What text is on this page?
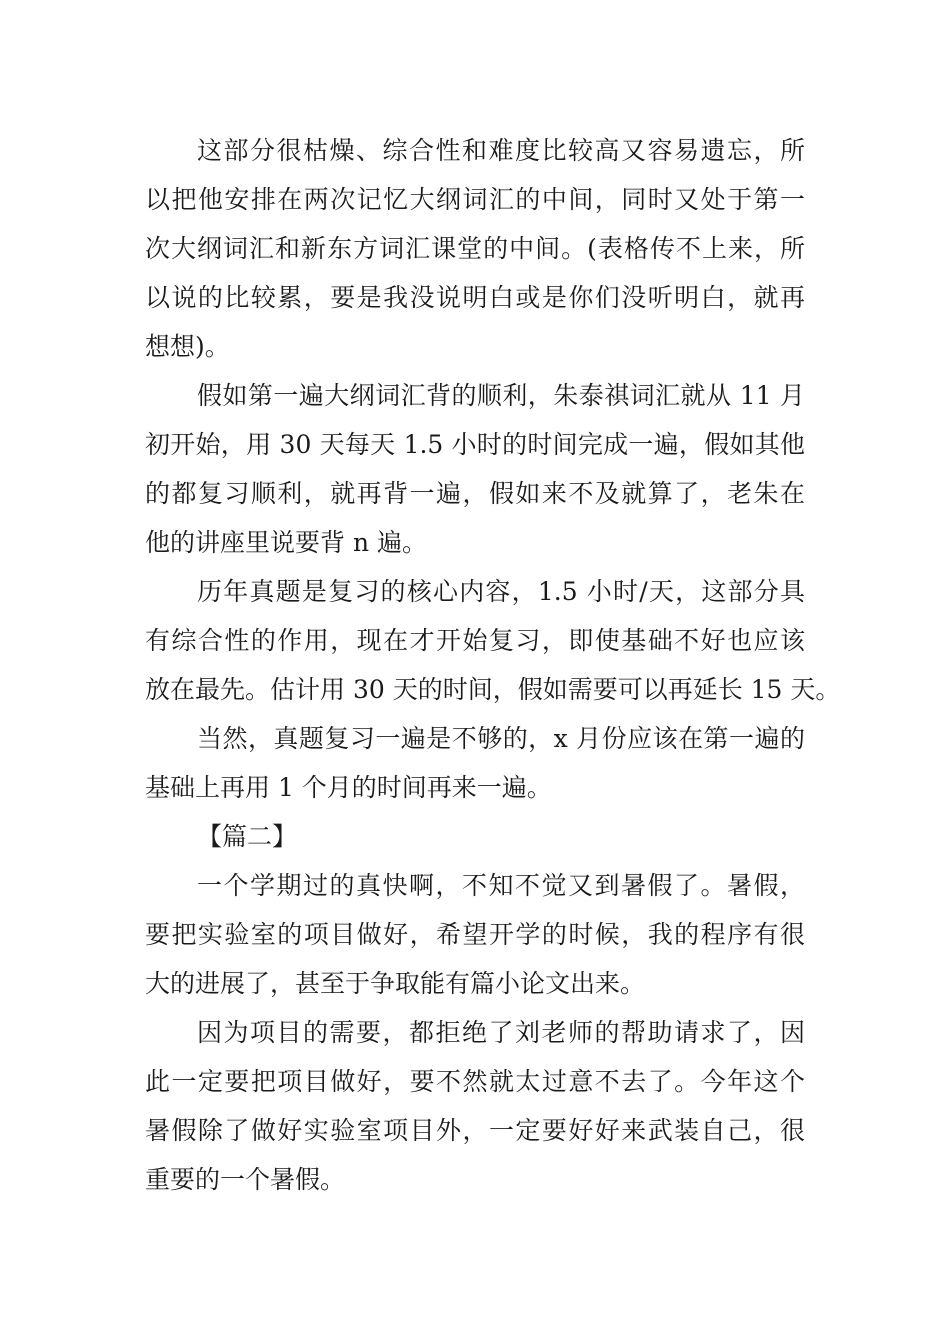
这部分很枯燥、综合性和难度比较高又容易遗忘，所
以把他安排在两次记忆大纲词汇的中间，同时又处于第一
次大纲词汇和新东方词汇课堂的中间。(表格传不上来，所
以说的比较累，要是我没说明白或是你们没听明白，就再
想想)。
假如第一遍大纲词汇背的顺利，朱泰祺词汇就从 11 月
初开始，用 30 天每天 1.5 小时的时间完成一遍，假如其他
的都复习顺利，就再背一遍，假如来不及就算了，老朱在
他的讲座里说要背 n 遍。
历年真题是复习的核心内容，1.5 小时/天，这部分具
有综合性的作用，现在才开始复习，即使基础不好也应该
放在最先。估计用 30 天的时间，假如需要可以再延长 15 天。
当然，真题复习一遍是不够的，x 月份应该在第一遍的
基础上再用 1 个月的时间再来一遍。
【篇二】
一个学期过的真快啊，不知不觉又到暑假了。暑假，
要把实验室的项目做好，希望开学的时候，我的程序有很
大的进展了，甚至于争取能有篇小论文出来。
因为项目的需要，都拒绝了刘老师的帮助请求了，因
此一定要把项目做好，要不然就太过意不去了。今年这个
暑假除了做好实验室项目外，一定要好好来武装自己，很
重要的一个暑假。
